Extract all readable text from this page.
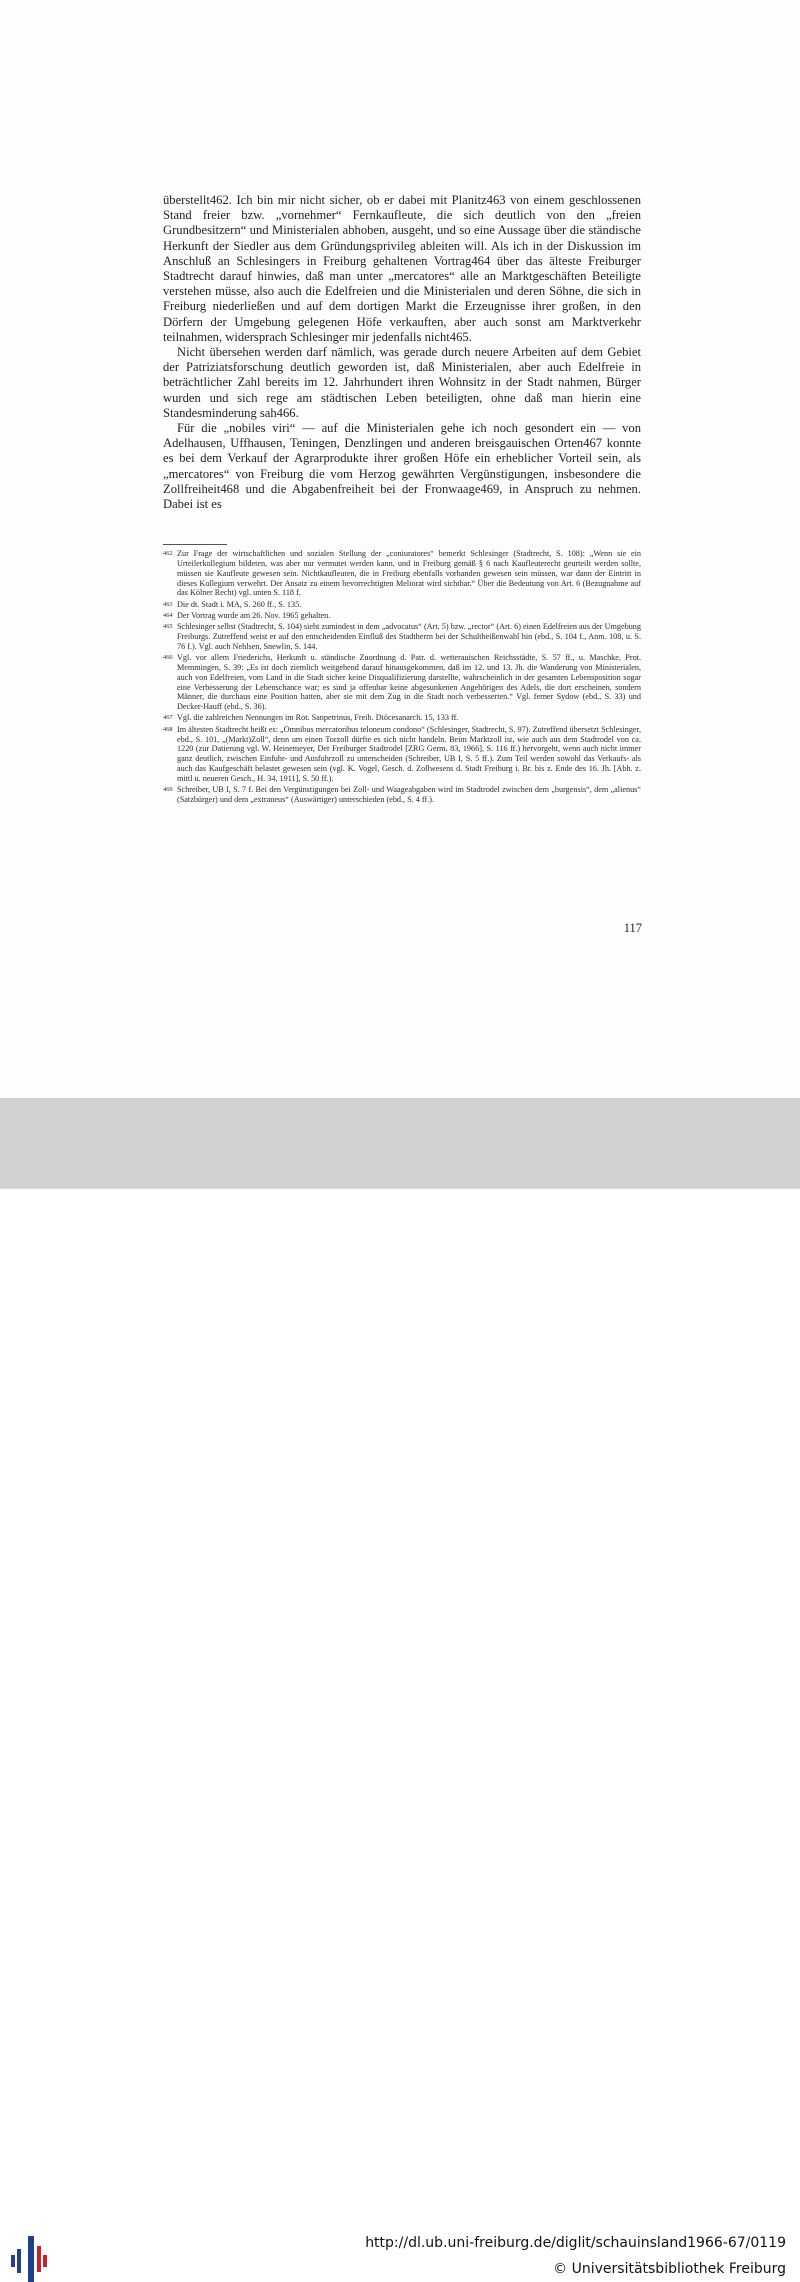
überstellt462. Ich bin mir nicht sicher, ob er dabei mit Planitz463 von einem geschlossenen Stand freier bzw. „vornehmer“ Fernkaufleute, die sich deutlich von den „freien Grundbesitzern“ und Ministerialen abhoben, ausgeht, und so eine Aussage über die ständische Herkunft der Siedler aus dem Gründungsprivileg ableiten will. Als ich in der Diskussion im Anschluß an Schlesingers in Freiburg gehaltenen Vortrag464 über das älteste Freiburger Stadtrecht darauf hinwies, daß man unter „mercatores“ alle an Marktgeschäften Beteiligte verstehen müsse, also auch die Edelfreien und die Ministerialen und deren Söhne, die sich in Freiburg niederließen und auf dem dortigen Markt die Erzeugnisse ihrer großen, in den Dörfern der Umgebung gelegenen Höfe verkauften, aber auch sonst am Marktverkehr teilnahmen, widersprach Schlesinger mir jedenfalls nicht465.

Nicht übersehen werden darf nämlich, was gerade durch neuere Arbeiten auf dem Gebiet der Patriziatsforschung deutlich geworden ist, daß Ministerialen, aber auch Edelfreie in beträchtlicher Zahl bereits im 12. Jahrhundert ihren Wohnsitz in der Stadt nahmen, Bürger wurden und sich rege am städtischen Leben beteiligten, ohne daß man hierin eine Standesminderung sah466.

Für die „nobiles viri“ — auf die Ministerialen gehe ich noch gesondert ein — von Adelhausen, Uffhausen, Teningen, Denzlingen und anderen breisgauischen Orten467 konnte es bei dem Verkauf der Agrarprodukte ihrer großen Höfe ein erheblicher Vorteil sein, als „mercatores“ von Freiburg die vom Herzog gewährten Vergünstigungen, insbesondere die Zollfreiheit468 und die Abgabenfreiheit bei der Fronwaage469, in Anspruch zu nehmen. Dabei ist es

462 Zur Frage der wirtschaftlichen und sozialen Stellung der „coniuratores“ bemerkt Schlesinger (Stadtrecht, S. 108): „Wenn sie ein Urteilerkollegium bildeten, was aber nur vermutet werden kann, und in Freiburg gemäß § 6 nach Kaufleuterecht geurteilt werden sollte, müssen sie Kaufleute gewesen sein. Nichtkaufleuten, die in Freiburg ebenfalls vorhanden gewesen sein müssen, war dann der Eintritt in dieses Kollegium verwehrt. Der Ansatz zu einem bevorrechtigten Meliorat wird sichtbar.“ Über die Bedeutung von Art. 6 (Bezugnahme auf das Kölner Recht) vgl. unten S. 118 f.
463 Die dt. Stadt i. MA, S. 260 ff., S. 135.
464 Der Vortrag wurde am 26. Nov. 1965 gehalten.
465 Schlesinger selbst (Stadtrecht, S. 104) sieht zumindest in dem „advocatus“ (Art. 5) bzw. „rector“ (Art. 6) einen Edelfreien aus der Umgebung Freiburgs. Zutreffend weist er auf den entscheidenden Einfluß des Stadtherrn bei der Schultheißenwahl hin (ebd., S. 104 f., Anm. 108, u. S. 76 f.). Vgl. auch Nehlsen, Snewlin, S. 144.
466 Vgl. vor allem Friederichs, Herkunft u. ständische Zuordnung d. Patr. d. wetterauischen Reichsstädte, S. 57 ff., u. Maschke, Prot. Memmingen, S. 39: „Es ist doch ziemlich weitgehend darauf hinausgekommen, daß im 12. und 13. Jh. die Wanderung von Ministerialen, auch von Edelfreien, vom Land in die Stadt sicher keine Disqualifizierung darstellte, wahrscheinlich in der gesamten Lebensposition sogar eine Verbesserung der Lebenschance war; es sind ja offenbar keine abgesunkenen Angehörigen des Adels, die dort erscheinen, sondern Männer, die durchaus eine Position hatten, aber sie mit dem Zug in die Stadt noch verbesserten.“ Vgl. ferner Sydow (ebd., S. 33) und Decker-Hauff (ebd., S. 36).
467 Vgl. die zahlreichen Nennungen im Rot. Sanpetrinus, Freib. Diöcesanarch. 15, 133 ff.
468 Im ältesten Stadtrecht heißt es: „Omnibus mercatoribus teloneum condono“ (Schlesinger, Stadtrecht, S. 97). Zutreffend übersetzt Schlesinger, ebd., S. 101, „(Markt)Zoll“, denn um einen Torzoll dürfte es sich nicht handeln. Beim Marktzoll ist, wie auch aus dem Stadtrodel von ca. 1220 (zur Datierung vgl. W. Heinemeyer, Der Freiburger Stadtrodel [ZRG Germ. 83, 1966], S. 116 ff.) hervorgeht, wenn auch nicht immer ganz deutlich, zwischen Einfuhr- und Ausfuhrzoll zu unterscheiden (Schreiber, UB I, S. 5 ff.). Zum Teil werden sowohl das Verkaufs- als auch das Kaufgeschäft belastet gewesen sein (vgl. K. Vogel, Gesch. d. Zollwesens d. Stadt Freiburg i. Br. bis z. Ende des 16. Jh. [Abh. z. mittl u. neueren Gesch., H. 34, 1911], S. 50 ff.).
469 Schreiber, UB I, S. 7 f. Bei den Vergünstigungen bei Zoll- und Waageabgaben wird im Stadtrodel zwischen dem „burgensis“, dem „alienus“ (Satzbürger) und dem „extraneus“ (Auswärtiger) unterschieden (ebd., S. 4 ff.).
117
http://dl.ub.uni-freiburg.de/diglit/schauinsland1966-67/0119
© Universitätsbibliothek Freiburg
